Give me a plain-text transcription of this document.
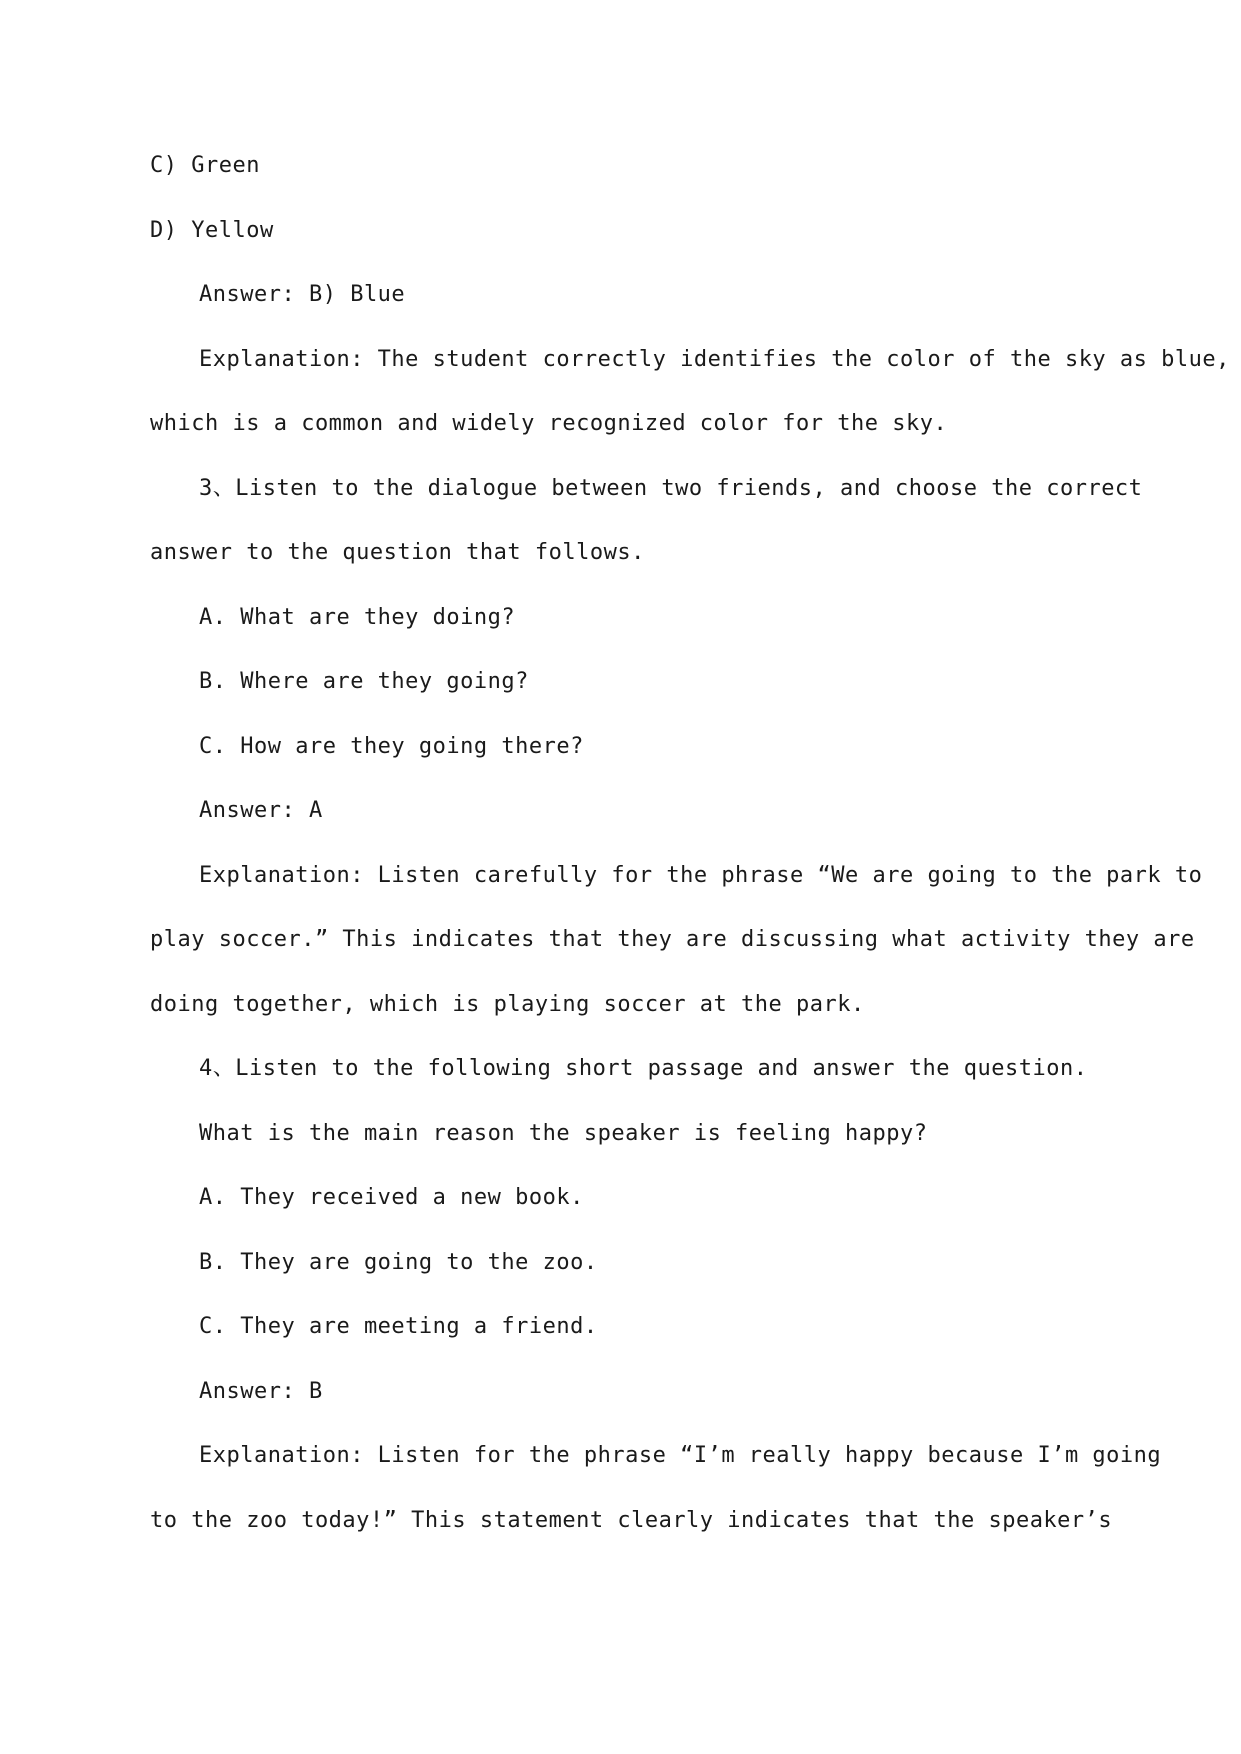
C) Green
D) Yellow
Answer: B) Blue
Explanation: The student correctly identifies the color of the sky as blue,
which is a common and widely recognized color for the sky.
3、Listen to the dialogue between two friends, and choose the correct
answer to the question that follows.
A. What are they doing?
B. Where are they going?
C. How are they going there?
Answer: A
Explanation: Listen carefully for the phrase “We are going to the park to
play soccer.” This indicates that they are discussing what activity they are
doing together, which is playing soccer at the park.
4、Listen to the following short passage and answer the question.
What is the main reason the speaker is feeling happy?
A. They received a new book.
B. They are going to the zoo.
C. They are meeting a friend.
Answer: B
Explanation: Listen for the phrase “I’m really happy because I’m going
to the zoo today!” This statement clearly indicates that the speaker’s
